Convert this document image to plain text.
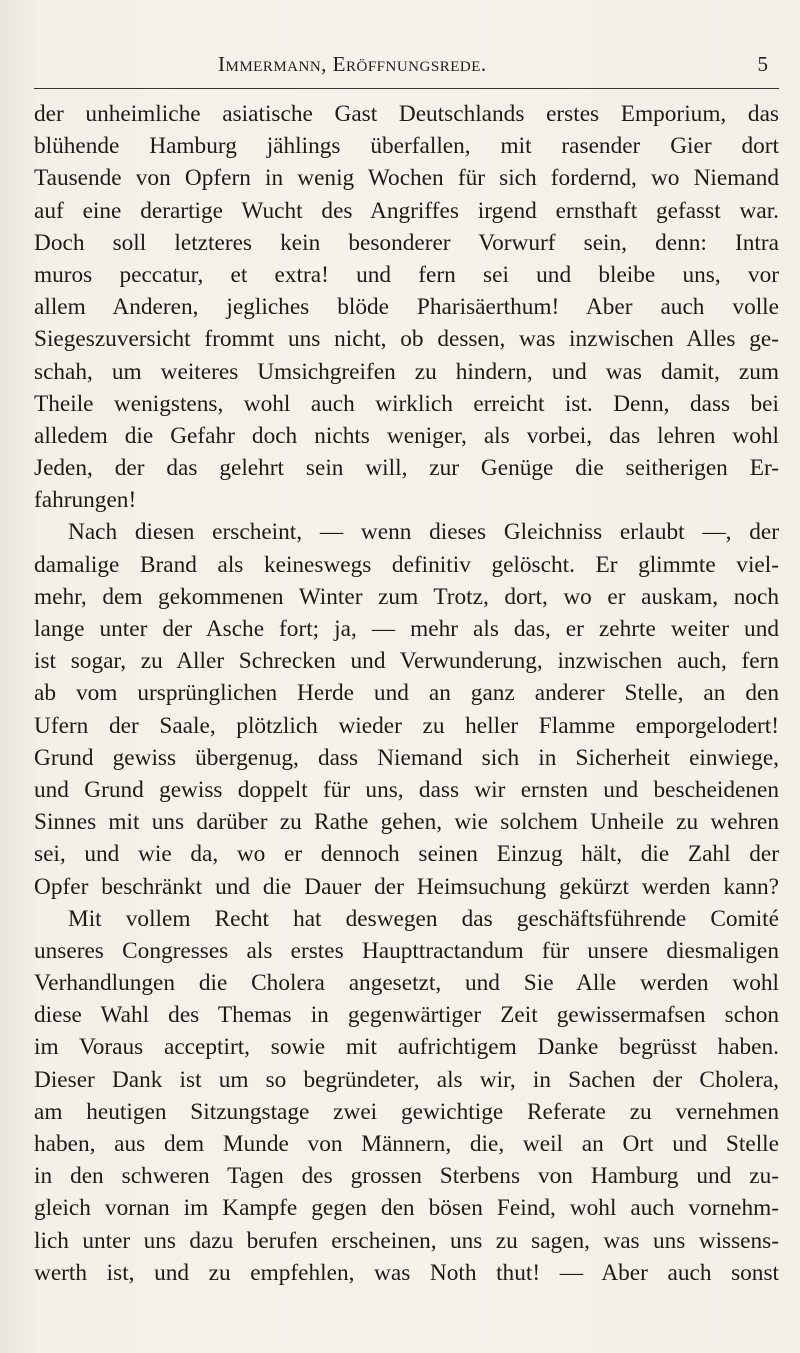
Immermann, Eröffnungsrede.	5
der unheimliche asiatische Gast Deutschlands erstes Emporium, das
blühende Hamburg jählings überfallen, mit rasender Gier dort
Tausende von Opfern in wenig Wochen für sich fordernd, wo Niemand
auf eine derartige Wucht des Angriffes irgend ernsthaft gefasst war.
Doch soll letzteres kein besonderer Vorwurf sein, denn: Intra
muros peccatur, et extra! und fern sei und bleibe uns, vor
allem Anderen, jegliches blöde Pharisäerthum! Aber auch volle
Siegeszuversicht frommt uns nicht, ob dessen, was inzwischen Alles ge-
schah, um weiteres Umsichgreifen zu hindern, und was damit, zum
Theile wenigstens, wohl auch wirklich erreicht ist. Denn, dass bei
alledem die Gefahr doch nichts weniger, als vorbei, das lehren wohl
Jeden, der das gelehrt sein will, zur Genüge die seitherigen Er-
fahrungen!
Nach diesen erscheint, — wenn dieses Gleichniss erlaubt —, der
damalige Brand als keineswegs definitiv gelöscht. Er glimmte viel-
mehr, dem gekommenen Winter zum Trotz, dort, wo er auskam, noch
lange unter der Asche fort; ja, — mehr als das, er zehrte weiter und
ist sogar, zu Aller Schrecken und Verwunderung, inzwischen auch, fern
ab vom ursprünglichen Herde und an ganz anderer Stelle, an den
Ufern der Saale, plötzlich wieder zu heller Flamme emporgelodert!
Grund gewiss übergenug, dass Niemand sich in Sicherheit einwiege,
und Grund gewiss doppelt für uns, dass wir ernsten und bescheidenen
Sinnes mit uns darüber zu Rathe gehen, wie solchem Unheile zu wehren
sei, und wie da, wo er dennoch seinen Einzug hält, die Zahl der
Opfer beschränkt und die Dauer der Heimsuchung gekürzt werden kann?
Mit vollem Recht hat deswegen das geschäftsführende Comité
unseres Congresses als erstes Haupttractandum für unsere diesmaligen
Verhandlungen die Cholera angesetzt, und Sie Alle werden wohl
diese Wahl des Themas in gegenwärtiger Zeit gewissermafsen schon
im Voraus acceptirt, sowie mit aufrichtigem Danke begrüsst haben.
Dieser Dank ist um so begründeter, als wir, in Sachen der Cholera,
am heutigen Sitzungstage zwei gewichtige Referate zu vernehmen
haben, aus dem Munde von Männern, die, weil an Ort und Stelle
in den schweren Tagen des grossen Sterbens von Hamburg und zu-
gleich vornan im Kampfe gegen den bösen Feind, wohl auch vornehm-
lich unter uns dazu berufen erscheinen, uns zu sagen, was uns wissens-
werth ist, und zu empfehlen, was Noth thut! — Aber auch sonst
